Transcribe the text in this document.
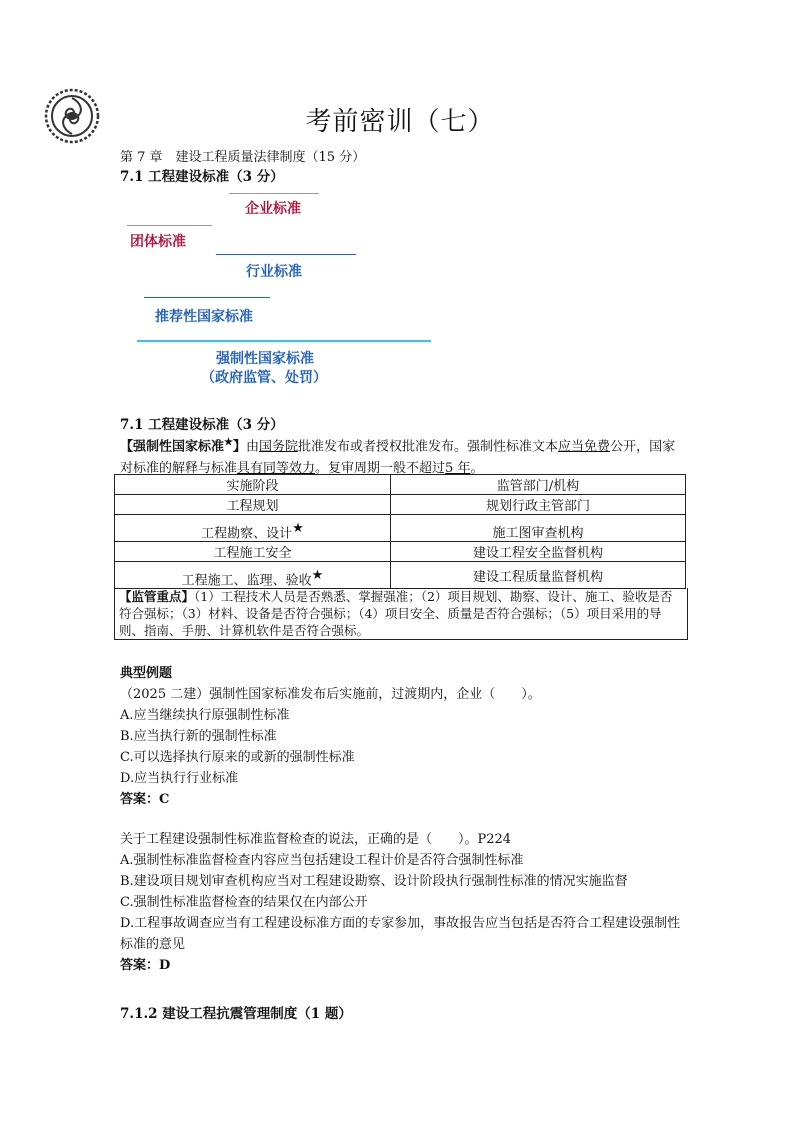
考前密训（七）
第 7 章　建设工程质量法律制度（15 分）
7.1 工程建设标准（3 分）
企业标准
团体标准
行业标准
推荐性国家标准
强制性国家标准
（政府监管、处罚）
7.1 工程建设标准（3 分）
【强制性国家标准★】由国务院批准发布或者授权批准发布。强制性标准文本应当免费公开，国家对标准的解释与标准具有同等效力。复审周期一般不超过5 年。
实施阶段	监管部门/机构
工程规划	规划行政主管部门
工程勘察、设计★	施工图审查机构
工程施工安全	建设工程安全监督机构
工程施工、监理、验收★	建设工程质量监督机构
【监管重点】（1）工程技术人员是否熟悉、掌握强准；（2）项目规划、勘察、设计、施工、验收是否符合强标；（3）材料、设备是否符合强标；（4）项目安全、质量是否符合强标；（5）项目采用的导则、指南、手册、计算机软件是否符合强标。
典型例题
（2025 二建）强制性国家标准发布后实施前，过渡期内，企业（　　）。
A.应当继续执行原强制性标准
B.应当执行新的强制性标准
C.可以选择执行原来的或新的强制性标准
D.应当执行行业标准
答案：C
关于工程建设强制性标准监督检查的说法，正确的是（　　）。P224
A.强制性标准监督检查内容应当包括建设工程计价是否符合强制性标准
B.建设项目规划审查机构应当对工程建设勘察、设计阶段执行强制性标准的情况实施监督
C.强制性标准监督检查的结果仅在内部公开
D.工程事故调查应当有工程建设标准方面的专家参加，事故报告应当包括是否符合工程建设强制性标准的意见
答案：D
7.1.2 建设工程抗震管理制度（1 题）
